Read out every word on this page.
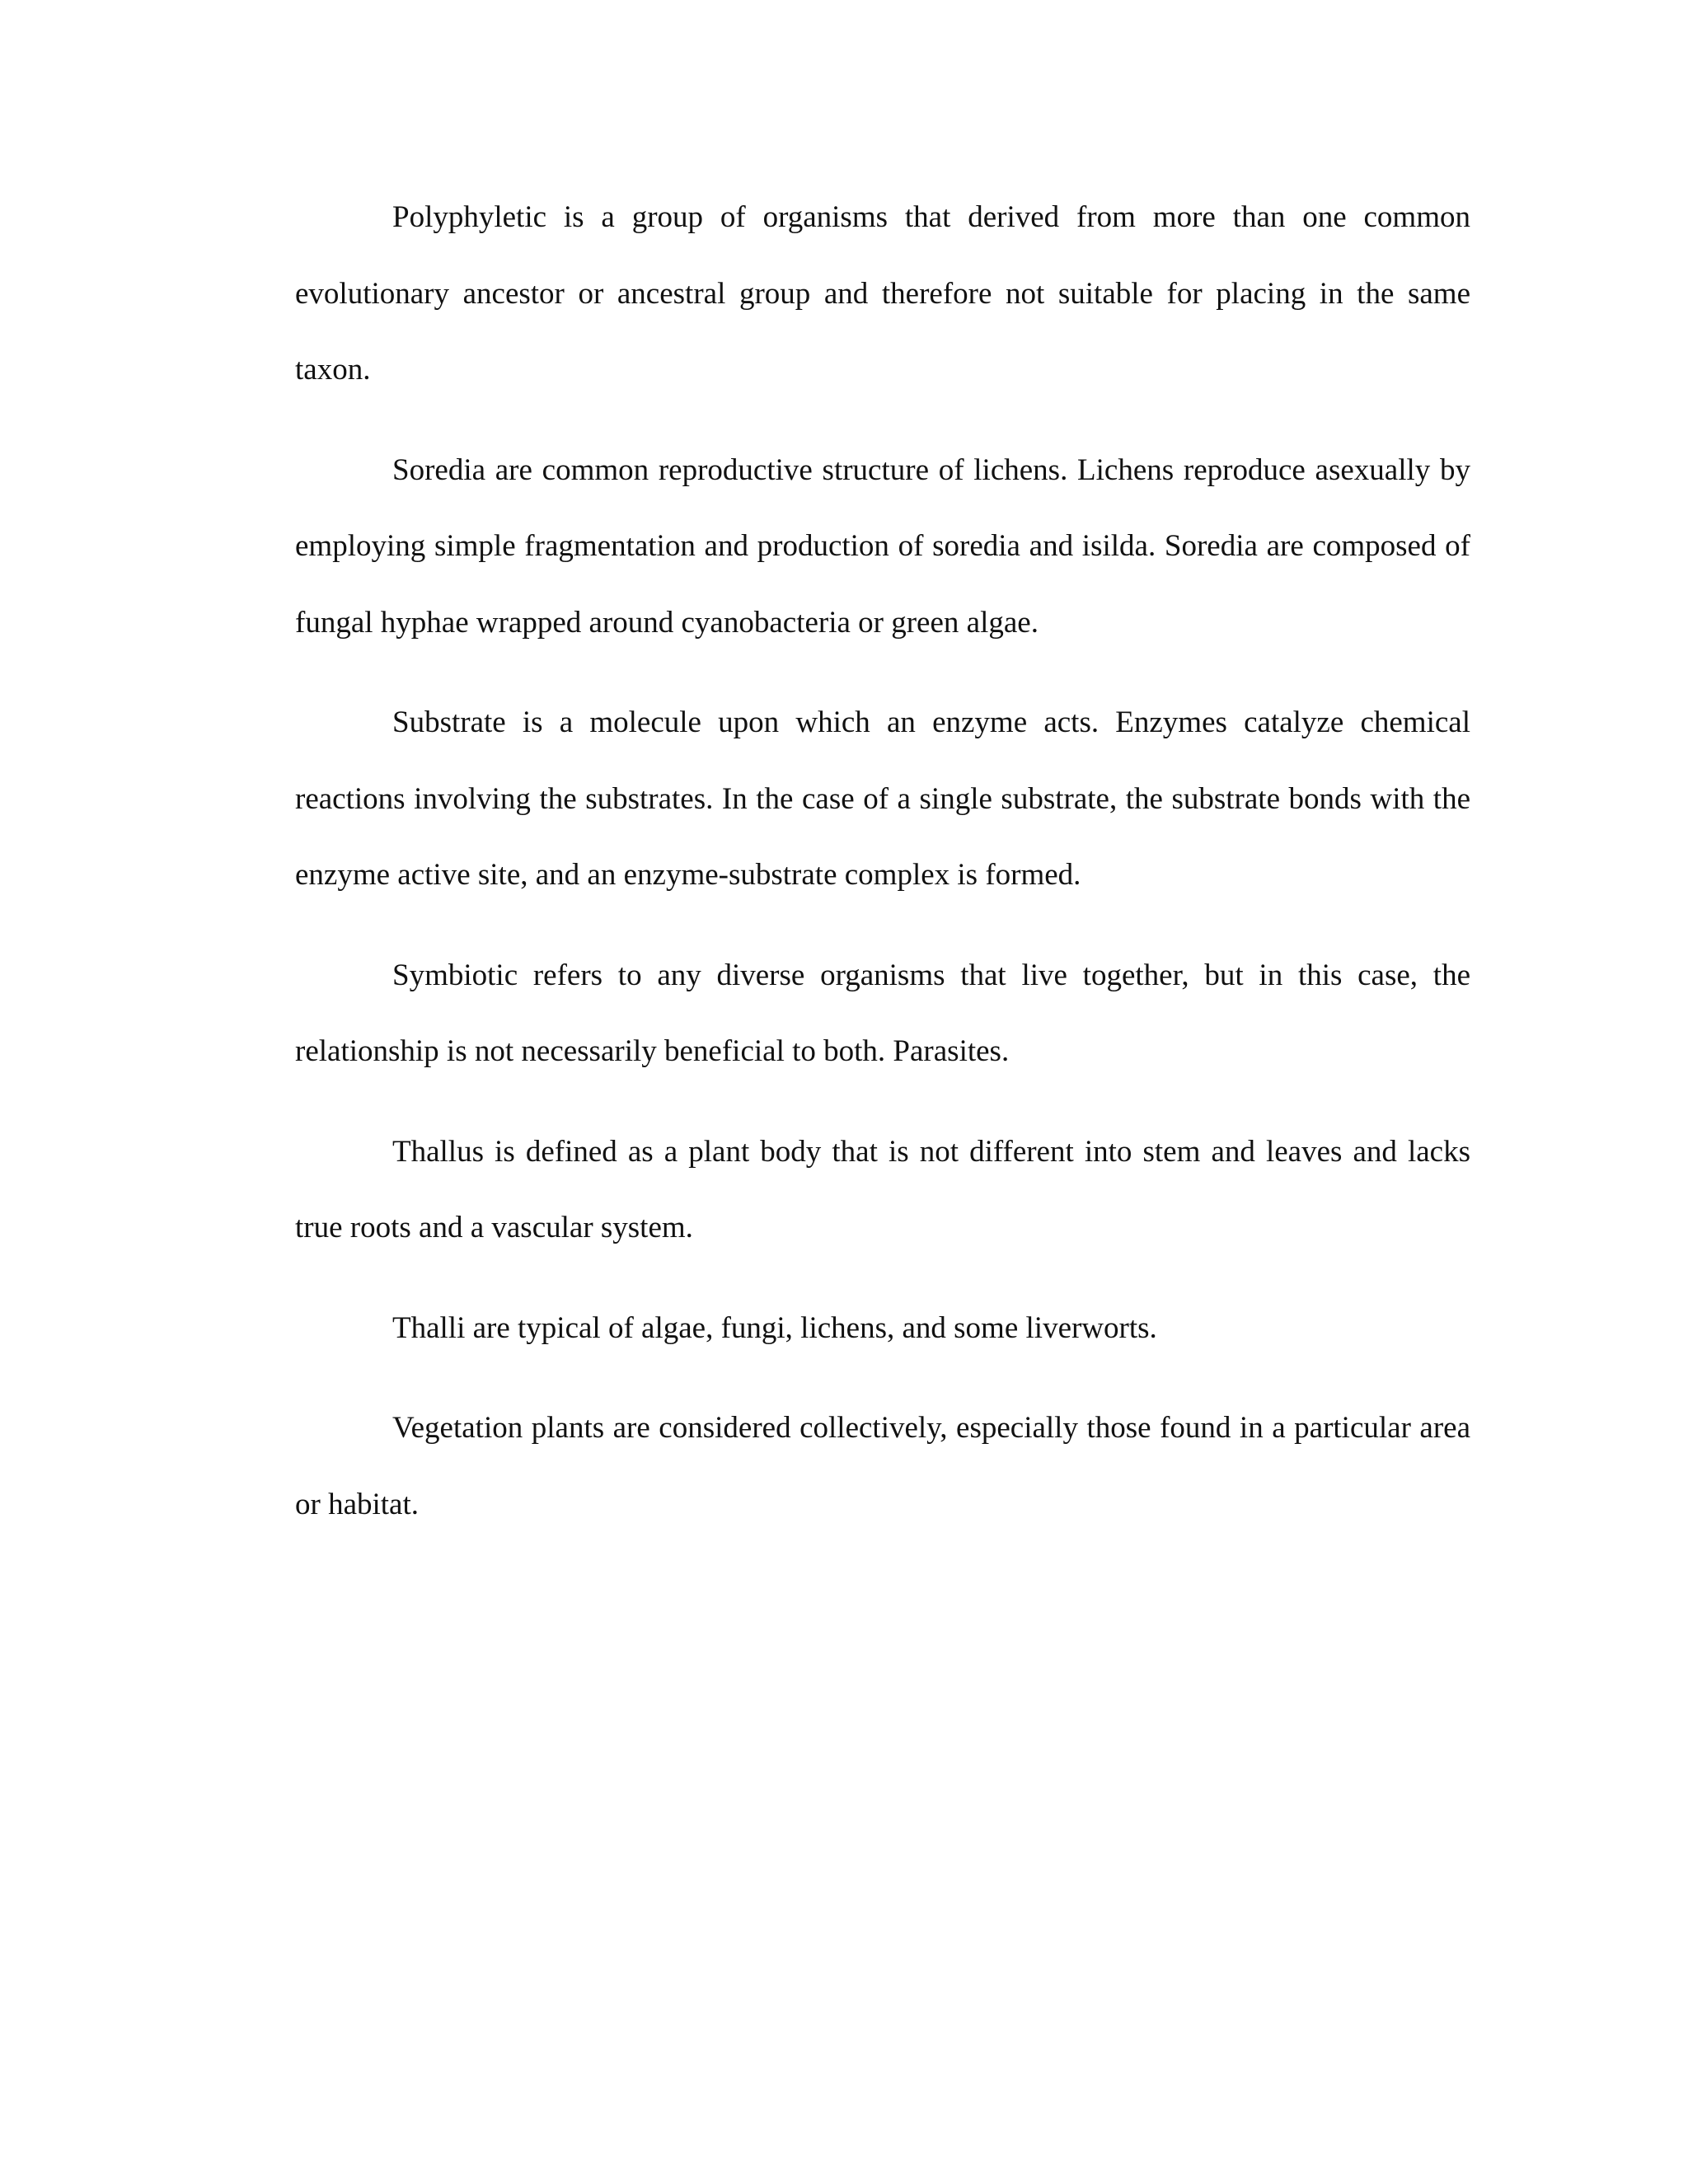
Polyphyletic is a group of organisms that derived from more than one common evolutionary ancestor or ancestral group and therefore not suitable for placing in the same taxon.

Soredia are common reproductive structure of lichens. Lichens reproduce asexually by employing simple fragmentation and production of soredia and isilda. Soredia are composed of fungal hyphae wrapped around cyanobacteria or green algae.

Substrate is a molecule upon which an enzyme acts. Enzymes catalyze chemical reactions involving the substrates. In the case of a single substrate, the substrate bonds with the enzyme active site, and an enzyme-substrate complex is formed.

Symbiotic refers to any diverse organisms that live together, but in this case, the relationship is not necessarily beneficial to both. Parasites.

Thallus is defined as a plant body that is not different into stem and leaves and lacks true roots and a vascular system.

Thalli are typical of algae, fungi, lichens, and some liverworts.

Vegetation plants are considered collectively, especially those found in a particular area or habitat.
